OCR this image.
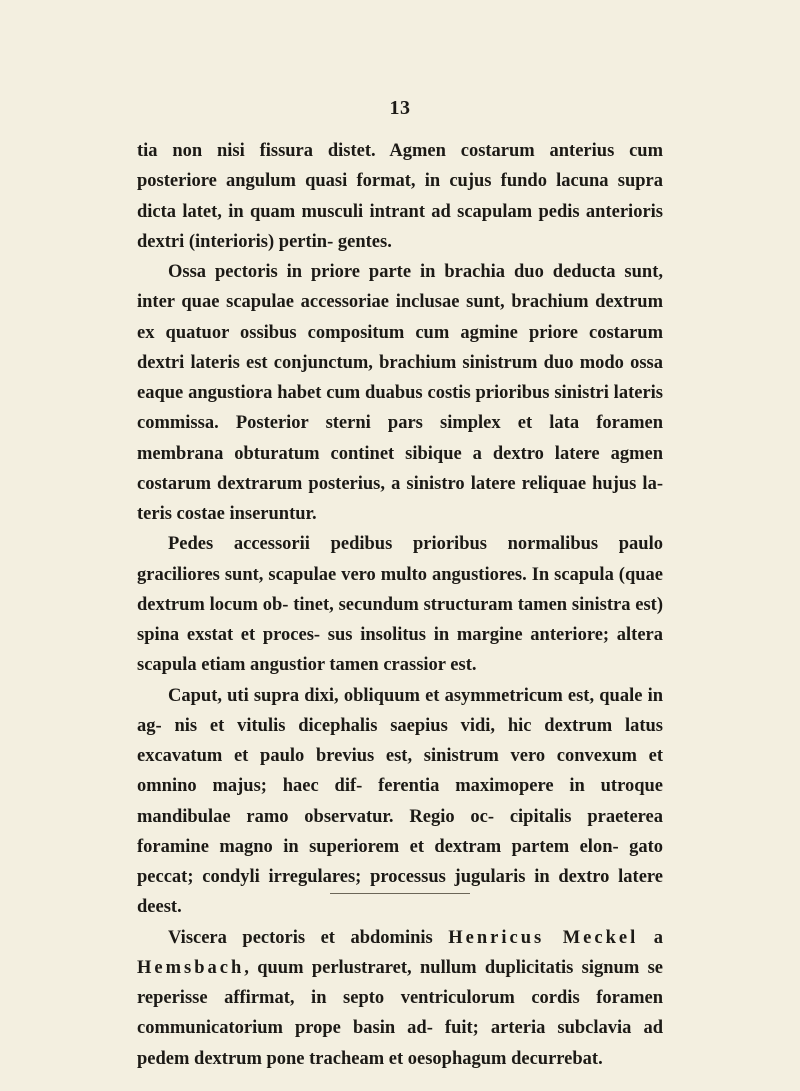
13

tia non nisi fissura distet. Agmen costarum anterius cum posteriore angulum quasi format, in cujus fundo lacuna supra dicta latet, in quam musculi intrant ad scapulam pedis anterioris dextri (interioris) pertin- gentes.

Ossa pectoris in priore parte in brachia duo deducta sunt, inter quae scapulae accessoriae inclusae sunt, brachium dextrum ex quatuor ossibus compositum cum agmine priore costarum dextri lateris est conjunctum, brachium sinistrum duo modo ossa eaque angustiora habet cum duabus costis prioribus sinistri lateris commissa. Posterior sterni pars simplex et lata foramen membrana obturatum continet sibique a dextro latere agmen costarum dextrarum posterius, a sinistro latere reliquae hujus la- teris costae inseruntur.

Pedes accessorii pedibus prioribus normalibus paulo graciliores sunt, scapulae vero multo angustiores. In scapula (quae dextrum locum ob- tinet, secundum structuram tamen sinistra est) spina exstat et proces- sus insolitus in margine anteriore; altera scapula etiam angustior tamen crassior est.

Caput, uti supra dixi, obliquum et asymmetricum est, quale in ag- nis et vitulis dicephalis saepius vidi, hic dextrum latus excavatum et paulo brevius est, sinistrum vero convexum et omnino majus; haec dif- ferentia maximopere in utroque mandibulae ramo observatur. Regio oc- cipitalis praeterea foramine magno in superiorem et dextram partem elon- gato peccat; condyli irregulares; processus jugularis in dextro latere deest.

Viscera pectoris et abdominis Henricus Meckel a Hemsbach, quum perlustraret, nullum duplicitatis signum se reperisse affirmat, in septo ventriculorum cordis foramen communicatorium prope basin ad- fuit; arteria subclavia ad pedem dextrum pone tracheam et oesophagum decurrebat.
